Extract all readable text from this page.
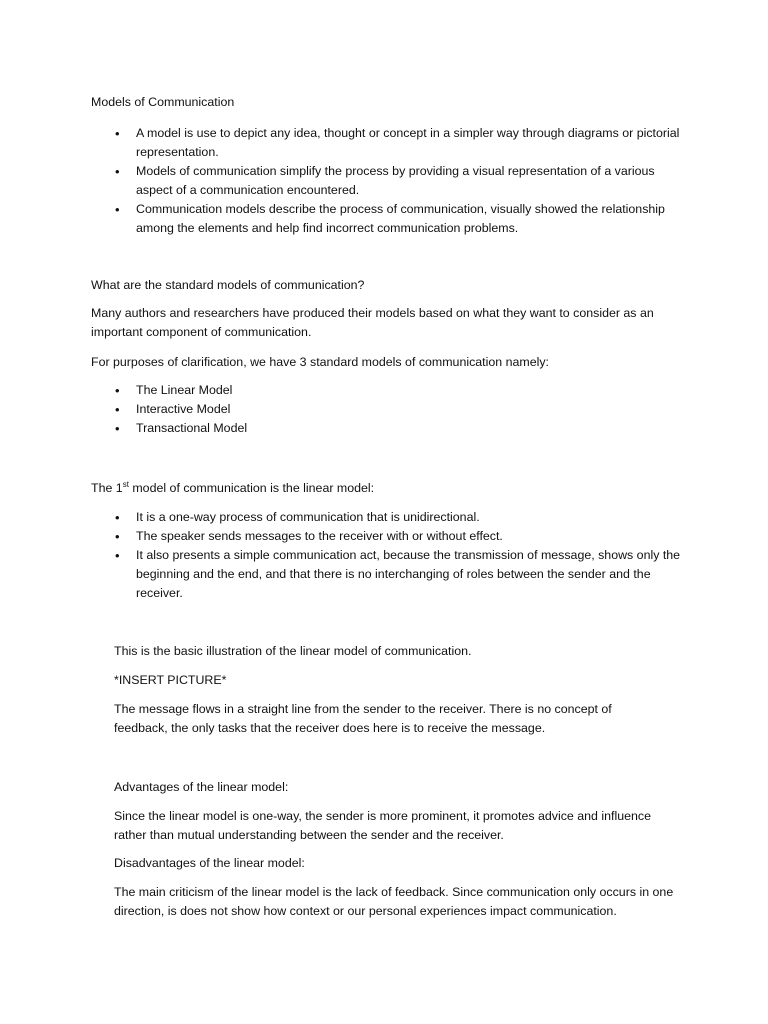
Models of Communication

• A model is use to depict any idea, thought or concept in a simpler way through diagrams or pictorial representation.
• Models of communication simplify the process by providing a visual representation of a various aspect of a communication encountered.
• Communication models describe the process of communication, visually showed the relationship among the elements and help find incorrect communication problems.

What are the standard models of communication?

Many authors and researchers have produced their models based on what they want to consider as an important component of communication.

For purposes of clarification, we have 3 standard models of communication namely:

• The Linear Model
• Interactive Model
• Transactional Model

The 1st model of communication is the linear model:

• It is a one-way process of communication that is unidirectional.
• The speaker sends messages to the receiver with or without effect.
• It also presents a simple communication act, because the transmission of message, shows only the beginning and the end, and that there is no interchanging of roles between the sender and the receiver.

This is the basic illustration of the linear model of communication.

*INSERT PICTURE*

The message flows in a straight line from the sender to the receiver. There is no concept of feedback, the only tasks that the receiver does here is to receive the message.

Advantages of the linear model:

Since the linear model is one-way, the sender is more prominent, it promotes advice and influence rather than mutual understanding between the sender and the receiver.

Disadvantages of the linear model:

The main criticism of the linear model is the lack of feedback. Since communication only occurs in one direction, is does not show how context or our personal experiences impact communication.
